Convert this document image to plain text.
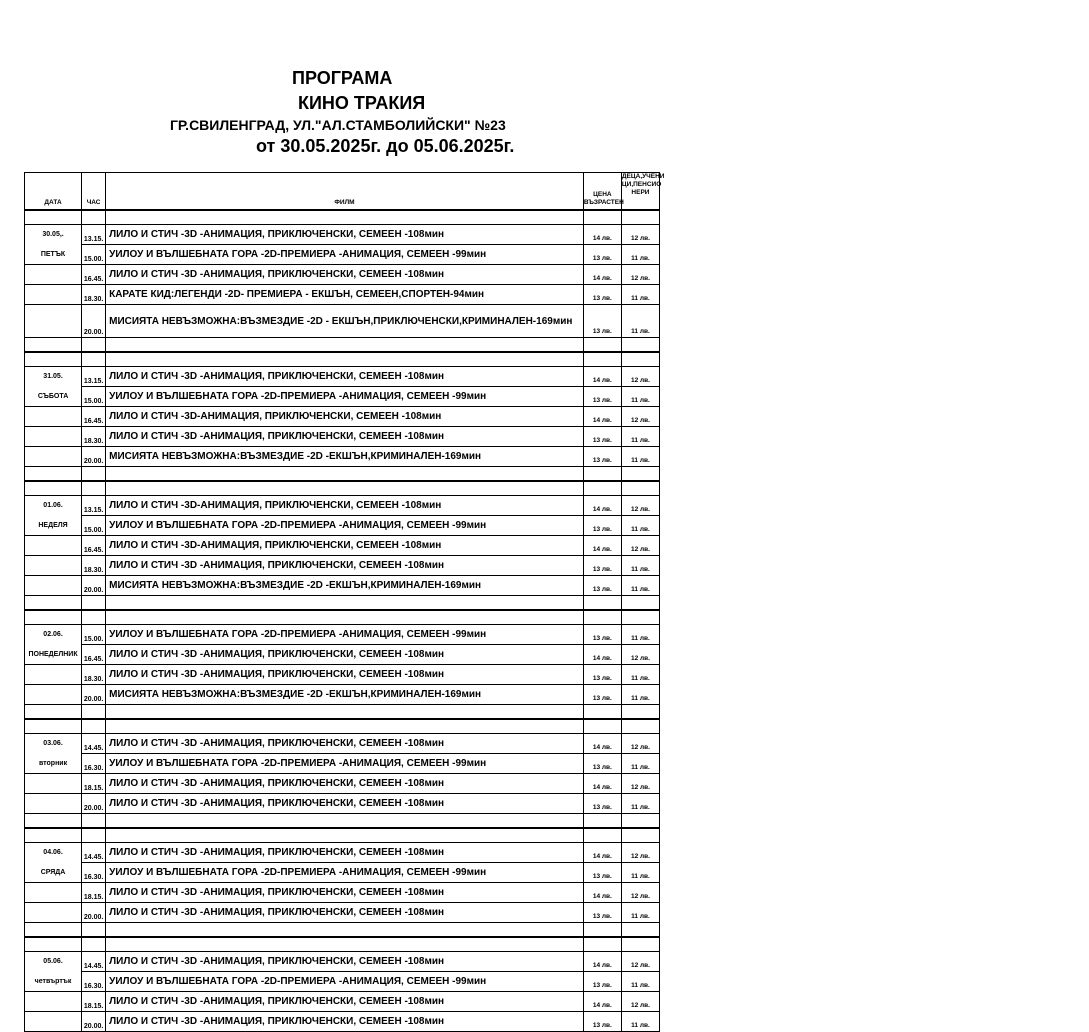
ПРОГРАМА
КИНО ТРАКИЯ
ГР.СВИЛЕНГРАД, УЛ."АЛ.СТАМБОЛИЙСКИ" №23
от 30.05.2025г. до 05.06.2025г.
ДАТА	ЧАС	ФИЛМ	ЦЕНА ВЪЗРАСТЕН	ДЕЦА,УЧЕНИ ЦИ,ПЕНСИО НЕРИ

30.05,.	13.15.	ЛИЛО И СТИЧ -3D -АНИМАЦИЯ, ПРИКЛЮЧЕНСКИ, СЕМЕЕН -108мин	14 лв.	12 лв.
ПЕТЪК	15.00.	УИЛОУ И ВЪЛШЕБНАТА ГОРА -2D-ПРЕМИЕРА -АНИМАЦИЯ, СЕМЕЕН -99мин	13 лв.	11 лв.
	16.45.	ЛИЛО И СТИЧ -3D -АНИМАЦИЯ, ПРИКЛЮЧЕНСКИ, СЕМЕЕН -108мин	14 лв.	12 лв.
	18.30.	КАРАТЕ КИД:ЛЕГЕНДИ -2D- ПРЕМИЕРА - ЕКШЪН, СЕМЕЕН,СПОРТЕН-94мин	13 лв.	11 лв.
	20.00.	МИСИЯТА НЕВЪЗМОЖНА:ВЪЗМЕЗДИЕ -2D - ЕКШЪН,ПРИКЛЮЧЕНСКИ,КРИМИНАЛЕН-169мин	13 лв.	11 лв.

31.05.	13.15.	ЛИЛО И СТИЧ -3D -АНИМАЦИЯ, ПРИКЛЮЧЕНСКИ, СЕМЕЕН -108мин	14 лв.	12 лв.
СЪБОТА	15.00.	УИЛОУ И ВЪЛШЕБНАТА ГОРА -2D-ПРЕМИЕРА -АНИМАЦИЯ, СЕМЕЕН -99мин	13 лв.	11 лв.
	16.45.	ЛИЛО И СТИЧ -3D-АНИМАЦИЯ, ПРИКЛЮЧЕНСКИ, СЕМЕЕН -108мин	14 лв.	12 лв.
	18.30.	ЛИЛО И СТИЧ -3D -АНИМАЦИЯ, ПРИКЛЮЧЕНСКИ, СЕМЕЕН -108мин	13 лв.	11 лв.
	20.00.	МИСИЯТА НЕВЪЗМОЖНА:ВЪЗМЕЗДИЕ -2D -ЕКШЪН,КРИМИНАЛЕН-169мин	13 лв.	11 лв.

01.06.	13.15.	ЛИЛО И СТИЧ -3D-АНИМАЦИЯ, ПРИКЛЮЧЕНСКИ, СЕМЕЕН -108мин	14 лв.	12 лв.
НЕДЕЛЯ	15.00.	УИЛОУ И ВЪЛШЕБНАТА ГОРА -2D-ПРЕМИЕРА -АНИМАЦИЯ, СЕМЕЕН -99мин	13 лв.	11 лв.
	16.45.	ЛИЛО И СТИЧ -3D-АНИМАЦИЯ, ПРИКЛЮЧЕНСКИ, СЕМЕЕН -108мин	14 лв.	12 лв.
	18.30.	ЛИЛО И СТИЧ -3D -АНИМАЦИЯ, ПРИКЛЮЧЕНСКИ, СЕМЕЕН -108мин	13 лв.	11 лв.
	20.00.	МИСИЯТА НЕВЪЗМОЖНА:ВЪЗМЕЗДИЕ -2D -ЕКШЪН,КРИМИНАЛЕН-169мин	13 лв.	11 лв.

02.06.	15.00.	УИЛОУ И ВЪЛШЕБНАТА ГОРА -2D-ПРЕМИЕРА -АНИМАЦИЯ, СЕМЕЕН -99мин	13 лв.	11 лв.
ПОНЕДЕЛНИК	16.45.	ЛИЛО И СТИЧ -3D -АНИМАЦИЯ, ПРИКЛЮЧЕНСКИ, СЕМЕЕН -108мин	14 лв.	12 лв.
	18.30.	ЛИЛО И СТИЧ -3D -АНИМАЦИЯ, ПРИКЛЮЧЕНСКИ, СЕМЕЕН -108мин	13 лв.	11 лв.
	20.00.	МИСИЯТА НЕВЪЗМОЖНА:ВЪЗМЕЗДИЕ -2D -ЕКШЪН,КРИМИНАЛЕН-169мин	13 лв.	11 лв.

03.06.	14.45.	ЛИЛО И СТИЧ -3D -АНИМАЦИЯ, ПРИКЛЮЧЕНСКИ, СЕМЕЕН -108мин	14 лв.	12 лв.
вторник	16.30.	УИЛОУ И ВЪЛШЕБНАТА ГОРА -2D-ПРЕМИЕРА -АНИМАЦИЯ, СЕМЕЕН -99мин	13 лв.	11 лв.
	18.15.	ЛИЛО И СТИЧ -3D -АНИМАЦИЯ, ПРИКЛЮЧЕНСКИ, СЕМЕЕН -108мин	14 лв.	12 лв.
	20.00.	ЛИЛО И СТИЧ -3D -АНИМАЦИЯ, ПРИКЛЮЧЕНСКИ, СЕМЕЕН -108мин	13 лв.	11 лв.

04.06.	14.45.	ЛИЛО И СТИЧ -3D -АНИМАЦИЯ, ПРИКЛЮЧЕНСКИ, СЕМЕЕН -108мин	14 лв.	12 лв.
СРЯДА	16.30.	УИЛОУ И ВЪЛШЕБНАТА ГОРА -2D-ПРЕМИЕРА -АНИМАЦИЯ, СЕМЕЕН -99мин	13 лв.	11 лв.
	18.15.	ЛИЛО И СТИЧ -3D -АНИМАЦИЯ, ПРИКЛЮЧЕНСКИ, СЕМЕЕН -108мин	14 лв.	12 лв.
	20.00.	ЛИЛО И СТИЧ -3D -АНИМАЦИЯ, ПРИКЛЮЧЕНСКИ, СЕМЕЕН -108мин	13 лв.	11 лв.

05.06.	14.45.	ЛИЛО И СТИЧ -3D -АНИМАЦИЯ, ПРИКЛЮЧЕНСКИ, СЕМЕЕН -108мин	14 лв.	12 лв.
четвъртък	16.30.	УИЛОУ И ВЪЛШЕБНАТА ГОРА -2D-ПРЕМИЕРА -АНИМАЦИЯ, СЕМЕЕН -99мин	13 лв.	11 лв.
	18.15.	ЛИЛО И СТИЧ -3D -АНИМАЦИЯ, ПРИКЛЮЧЕНСКИ, СЕМЕЕН -108мин	14 лв.	12 лв.
	20.00.	ЛИЛО И СТИЧ -3D -АНИМАЦИЯ, ПРИКЛЮЧЕНСКИ, СЕМЕЕН -108мин	13 лв.	11 лв.
